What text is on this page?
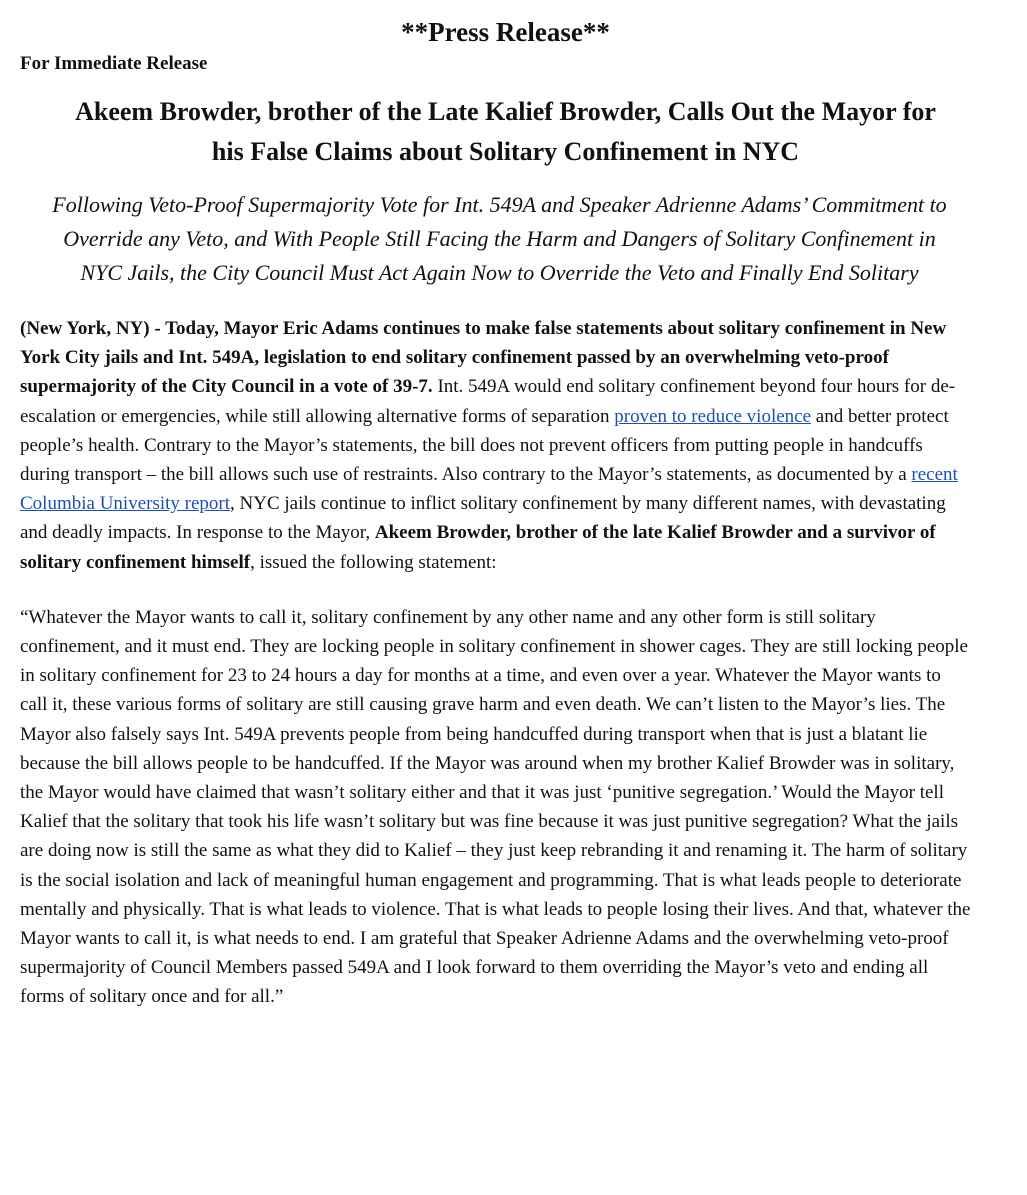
**Press Release**

For Immediate Release

Akeem Browder, brother of the Late Kalief Browder, Calls Out the Mayor for his False Claims about Solitary Confinement in NYC

Following Veto-Proof Supermajority Vote for Int. 549A and Speaker Adrienne Adams’ Commitment to Override any Veto, and With People Still Facing the Harm and Dangers of Solitary Confinement in NYC Jails, the City Council Must Act Again Now to Override the Veto and Finally End Solitary

(New York, NY) - Today, Mayor Eric Adams continues to make false statements about solitary confinement in New York City jails and Int. 549A, legislation to end solitary confinement passed by an overwhelming veto-proof supermajority of the City Council in a vote of 39-7. Int. 549A would end solitary confinement beyond four hours for de-escalation or emergencies, while still allowing alternative forms of separation proven to reduce violence and better protect people’s health. Contrary to the Mayor’s statements, the bill does not prevent officers from putting people in handcuffs during transport – the bill allows such use of restraints. Also contrary to the Mayor’s statements, as documented by a recent Columbia University report, NYC jails continue to inflict solitary confinement by many different names, with devastating and deadly impacts. In response to the Mayor, Akeem Browder, brother of the late Kalief Browder and a survivor of solitary confinement himself, issued the following statement:

“Whatever the Mayor wants to call it, solitary confinement by any other name and any other form is still solitary confinement, and it must end. They are locking people in solitary confinement in shower cages. They are still locking people in solitary confinement for 23 to 24 hours a day for months at a time, and even over a year. Whatever the Mayor wants to call it, these various forms of solitary are still causing grave harm and even death. We can’t listen to the Mayor’s lies. The Mayor also falsely says Int. 549A prevents people from being handcuffed during transport when that is just a blatant lie because the bill allows people to be handcuffed. If the Mayor was around when my brother Kalief Browder was in solitary, the Mayor would have claimed that wasn’t solitary either and that it was just ‘punitive segregation.’ Would the Mayor tell Kalief that the solitary that took his life wasn’t solitary but was fine because it was just punitive segregation? What the jails are doing now is still the same as what they did to Kalief – they just keep rebranding it and renaming it. The harm of solitary is the social isolation and lack of meaningful human engagement and programming. That is what leads people to deteriorate mentally and physically. That is what leads to violence. That is what leads to people losing their lives. And that, whatever the Mayor wants to call it, is what needs to end. I am grateful that Speaker Adrienne Adams and the overwhelming veto-proof supermajority of Council Members passed 549A and I look forward to them overriding the Mayor’s veto and ending all forms of solitary once and for all.”
